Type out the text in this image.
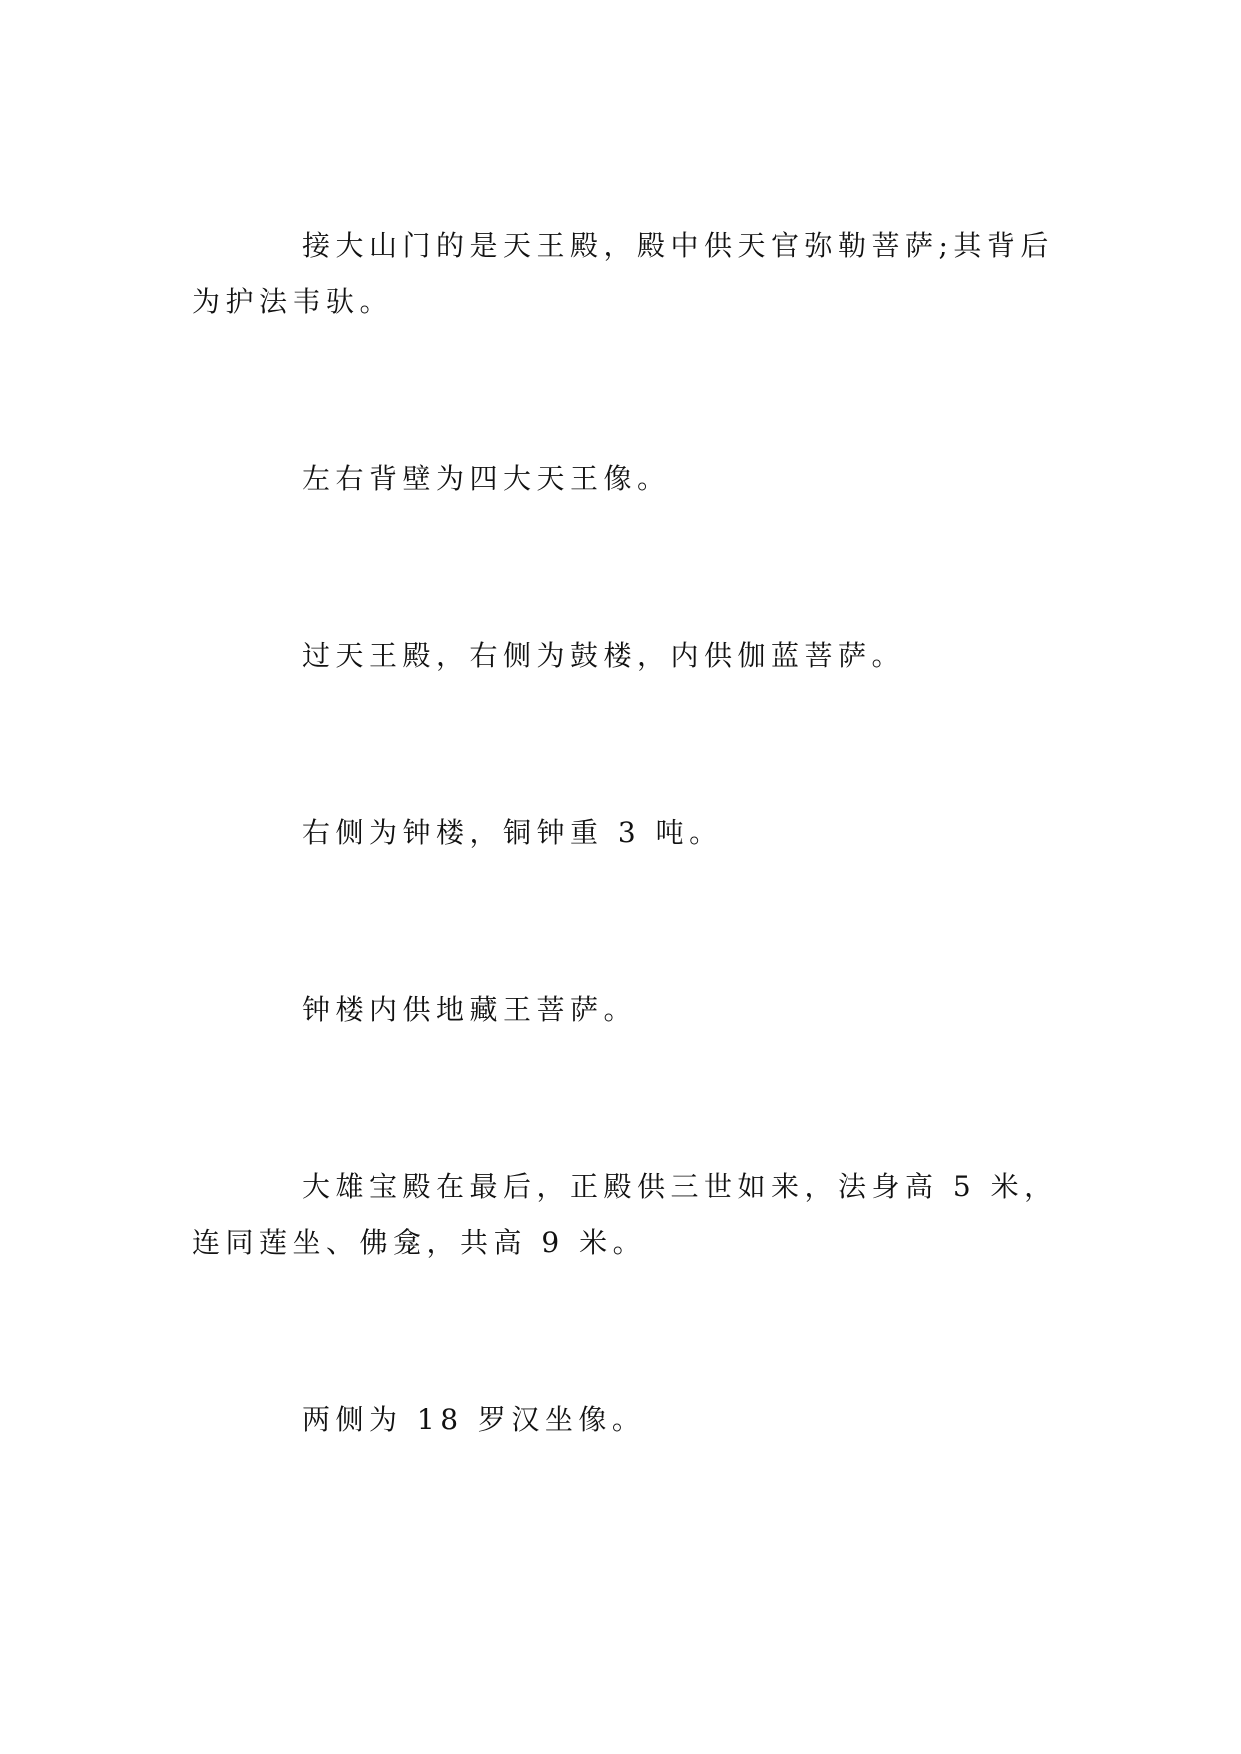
接大山门的是天王殿，殿中供天官弥勒菩萨;其背后
为护法韦驮。
左右背壁为四大天王像。
过天王殿，右侧为鼓楼，内供伽蓝菩萨。
右侧为钟楼，铜钟重 3 吨。
钟楼内供地藏王菩萨。
大雄宝殿在最后，正殿供三世如来，法身高 5 米，
连同莲坐、佛龛，共高 9 米。
两侧为 18 罗汉坐像。
